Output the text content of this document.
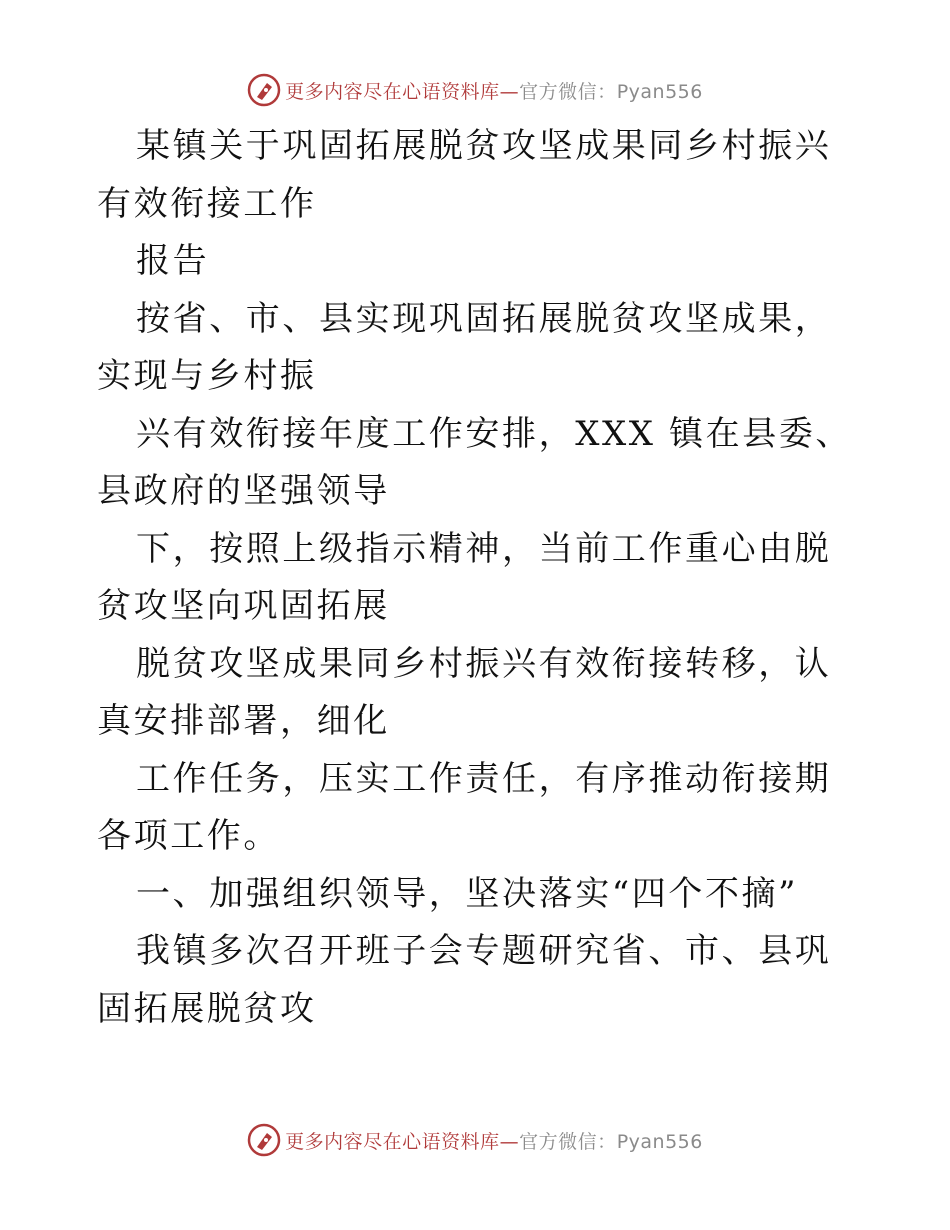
更多内容尽在心语资料库—官方微信：Pyan556

某镇关于巩固拓展脱贫攻坚成果同乡村振兴有效衔接工作

报告

按省、市、县实现巩固拓展脱贫攻坚成果，实现与乡村振

兴有效衔接年度工作安排，XXX 镇在县委、县政府的坚强领导

下，按照上级指示精神，当前工作重心由脱贫攻坚向巩固拓展

脱贫攻坚成果同乡村振兴有效衔接转移，认真安排部署，细化

工作任务，压实工作责任，有序推动衔接期各项工作。

一、加强组织领导，坚决落实“四个不摘”

我镇多次召开班子会专题研究省、市、县巩固拓展脱贫攻

更多内容尽在心语资料库—官方微信：Pyan556
